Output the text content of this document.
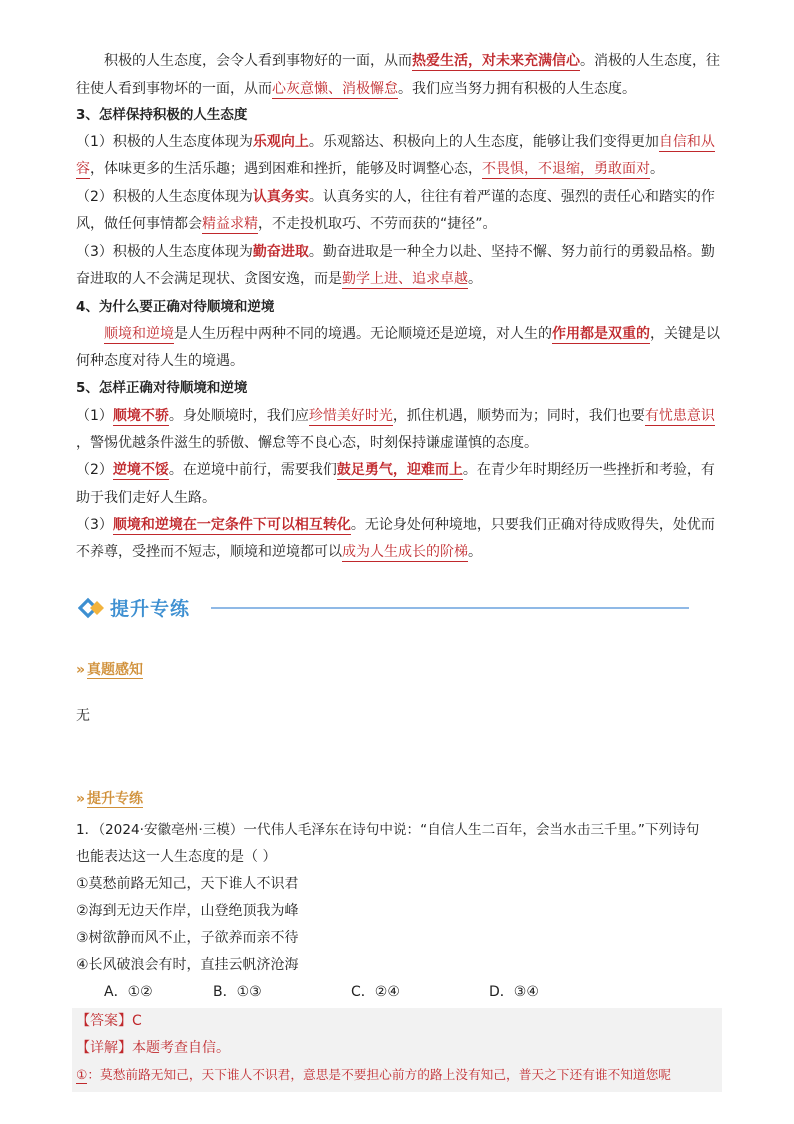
积极的人生态度，会令人看到事物好的一面，从而热爱生活，对未来充满信心。消极的人生态度，往
往使人看到事物坏的一面，从而心灰意懒、消极懈怠。我们应当努力拥有积极的人生态度。
3、怎样保持积极的人生态度
（1）积极的人生态度体现为乐观向上。乐观豁达、积极向上的人生态度，能够让我们变得更加自信和从
容，体味更多的生活乐趣；遇到困难和挫折，能够及时调整心态，不畏惧，不退缩，勇敢面对。
（2）积极的人生态度体现为认真务实。认真务实的人，往往有着严谨的态度、强烈的责任心和踏实的作
风，做任何事情都会精益求精，不走投机取巧、不劳而获的“捷径”。
（3）积极的人生态度体现为勤奋进取。勤奋进取是一种全力以赴、坚持不懈、努力前行的勇毅品格。勤
奋进取的人不会满足现状、贪图安逸，而是勤学上进、追求卓越。
4、为什么要正确对待顺境和逆境
顺境和逆境是人生历程中两种不同的境遇。无论顺境还是逆境，对人生的作用都是双重的，关键是以
何种态度对待人生的境遇。
5、怎样正确对待顺境和逆境
（1）顺境不骄。身处顺境时，我们应珍惜美好时光，抓住机遇，顺势而为；同时，我们也要有忧患意识
，警惕优越条件滋生的骄傲、懈怠等不良心态，时刻保持谦虚谨慎的态度。
（2）逆境不馁。在逆境中前行，需要我们鼓足勇气，迎难而上。在青少年时期经历一些挫折和考验，有
助于我们走好人生路。
（3）顺境和逆境在一定条件下可以相互转化。无论身处何种境地，只要我们正确对待成败得失，处优而
不养尊，受挫而不短志，顺境和逆境都可以成为人生成长的阶梯。
提升专练
» 真题感知
无
» 提升专练
1．（2024·安徽亳州·三模）一代伟人毛泽东在诗句中说：“自信人生二百年，会当水击三千里。”下列诗句
也能表达这一人生态度的是（ ）
①莫愁前路无知己，天下谁人不识君
②海到无边天作岸，山登绝顶我为峰
③树欲静而风不止，子欲养而亲不待
④长风破浪会有时，直挂云帆济沧海
A．①②	B．①③	C．②④	D．③④
【答案】C
【详解】本题考查自信。
①：莫愁前路无知己，天下谁人不识君，意思是不要担心前方的路上没有知己，普天之下还有谁不知道您呢
